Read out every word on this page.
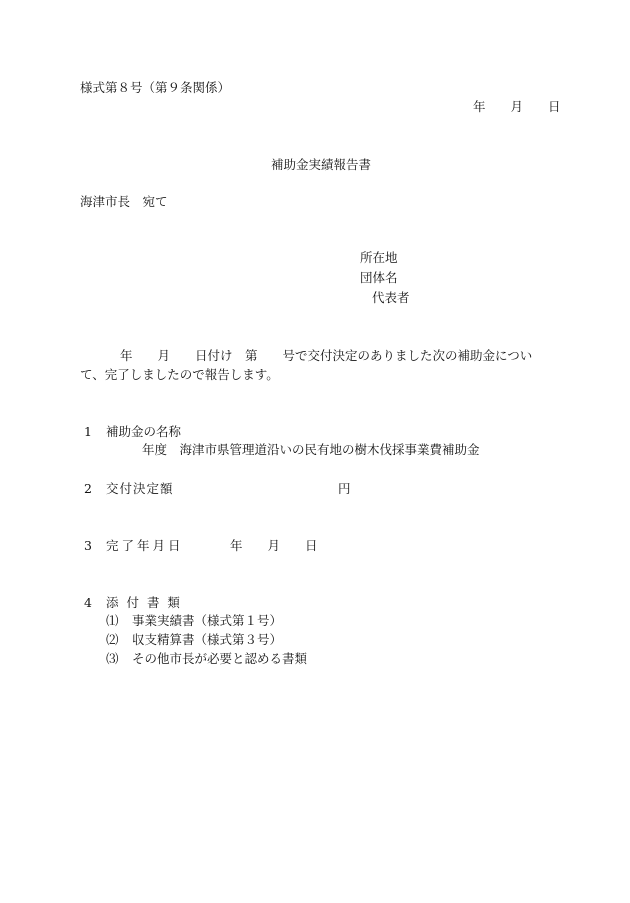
様式第８号（第９条関係）
年　　月　　日
補助金実績報告書
海津市長　宛て
所在地
団体名
代表者
年　　月　　日付け　第　　号で交付決定のありました次の補助金につい
て、完了しましたので報告します。
1 補助金の名称
年度　海津市県管理道沿いの民有地の樹木伐採事業費補助金
2 交付決定額	円
3 完了年月日	年　　月　　日
4 添 付 書 類
⑴ 事業実績書（様式第１号）
⑵ 収支精算書（様式第３号）
⑶ その他市長が必要と認める書類
